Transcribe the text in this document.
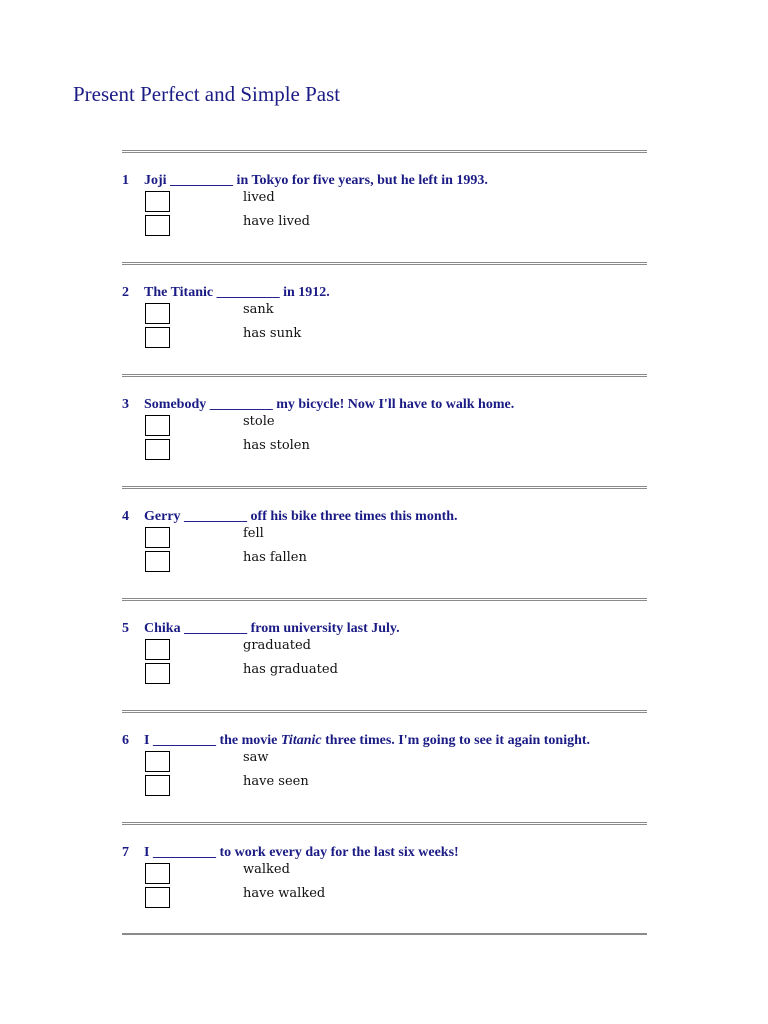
Present Perfect and Simple Past
1	Joji _________ in Tokyo for five years, but he left in 1993.
lived
have lived
2	The Titanic _________ in 1912.
sank
has sunk
3	Somebody _________ my bicycle! Now I'll have to walk home.
stole
has stolen
4	Gerry _________ off his bike three times this month.
fell
has fallen
5	Chika _________ from university last July.
graduated
has graduated
6	I _________ the movie Titanic three times. I'm going to see it again tonight.
saw
have seen
7	I _________ to work every day for the last six weeks!
walked
have walked
